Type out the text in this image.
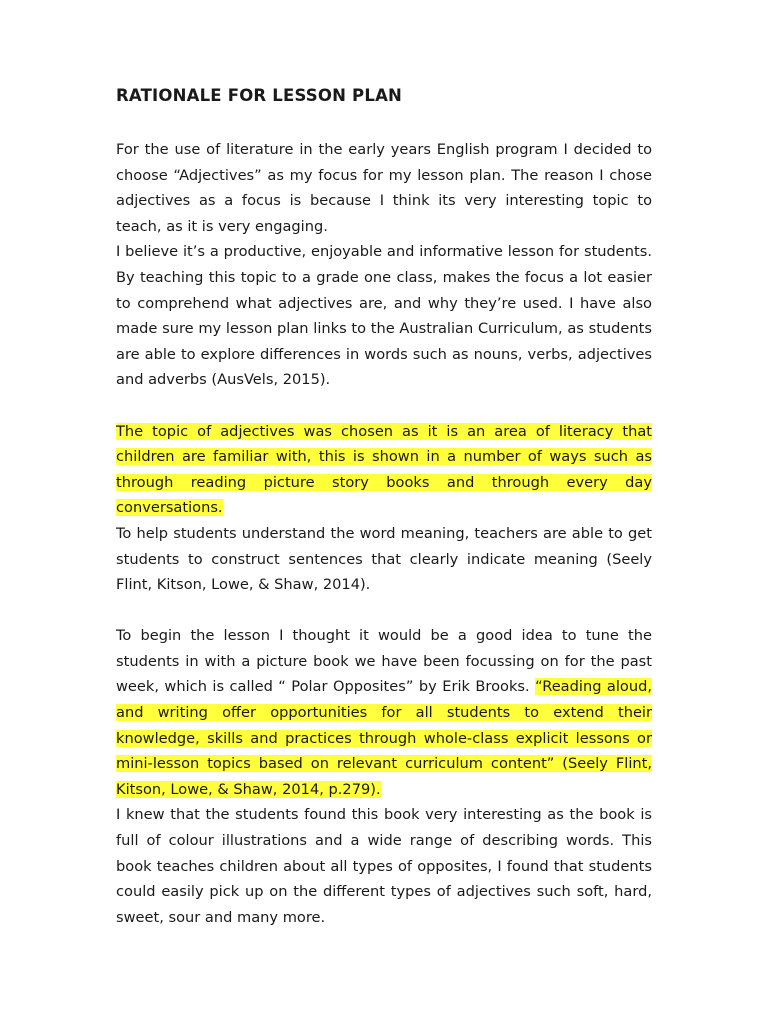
RATIONALE FOR LESSON PLAN

For the use of literature in the early years English program I decided to choose “Adjectives” as my focus for my lesson plan. The reason I chose adjectives as a focus is because I think its very interesting topic to teach, as it is very engaging.

I believe it’s a productive, enjoyable and informative lesson for students. By teaching this topic to a grade one class, makes the focus a lot easier to comprehend what adjectives are, and why they’re used. I have also made sure my lesson plan links to the Australian Curriculum, as students are able to explore differences in words such as nouns, verbs, adjectives and adverbs (AusVels, 2015).

The topic of adjectives was chosen as it is an area of literacy that children are familiar with, this is shown in a number of ways such as through reading picture story books and through every day conversations.

To help students understand the word meaning, teachers are able to get students to construct sentences that clearly indicate meaning (Seely Flint, Kitson, Lowe, & Shaw, 2014).

To begin the lesson I thought it would be a good idea to tune the students in with a picture book we have been focussing on for the past week, which is called “ Polar Opposites” by Erik Brooks. “Reading aloud, and writing offer opportunities for all students to extend their knowledge, skills and practices through whole-class explicit lessons or mini-lesson topics based on relevant curriculum content” (Seely Flint, Kitson, Lowe, & Shaw, 2014, p.279).

I knew that the students found this book very interesting as the book is full of colour illustrations and a wide range of describing words. This book teaches children about all types of opposites, I found that students could easily pick up on the different types of adjectives such soft, hard, sweet, sour and many more.
